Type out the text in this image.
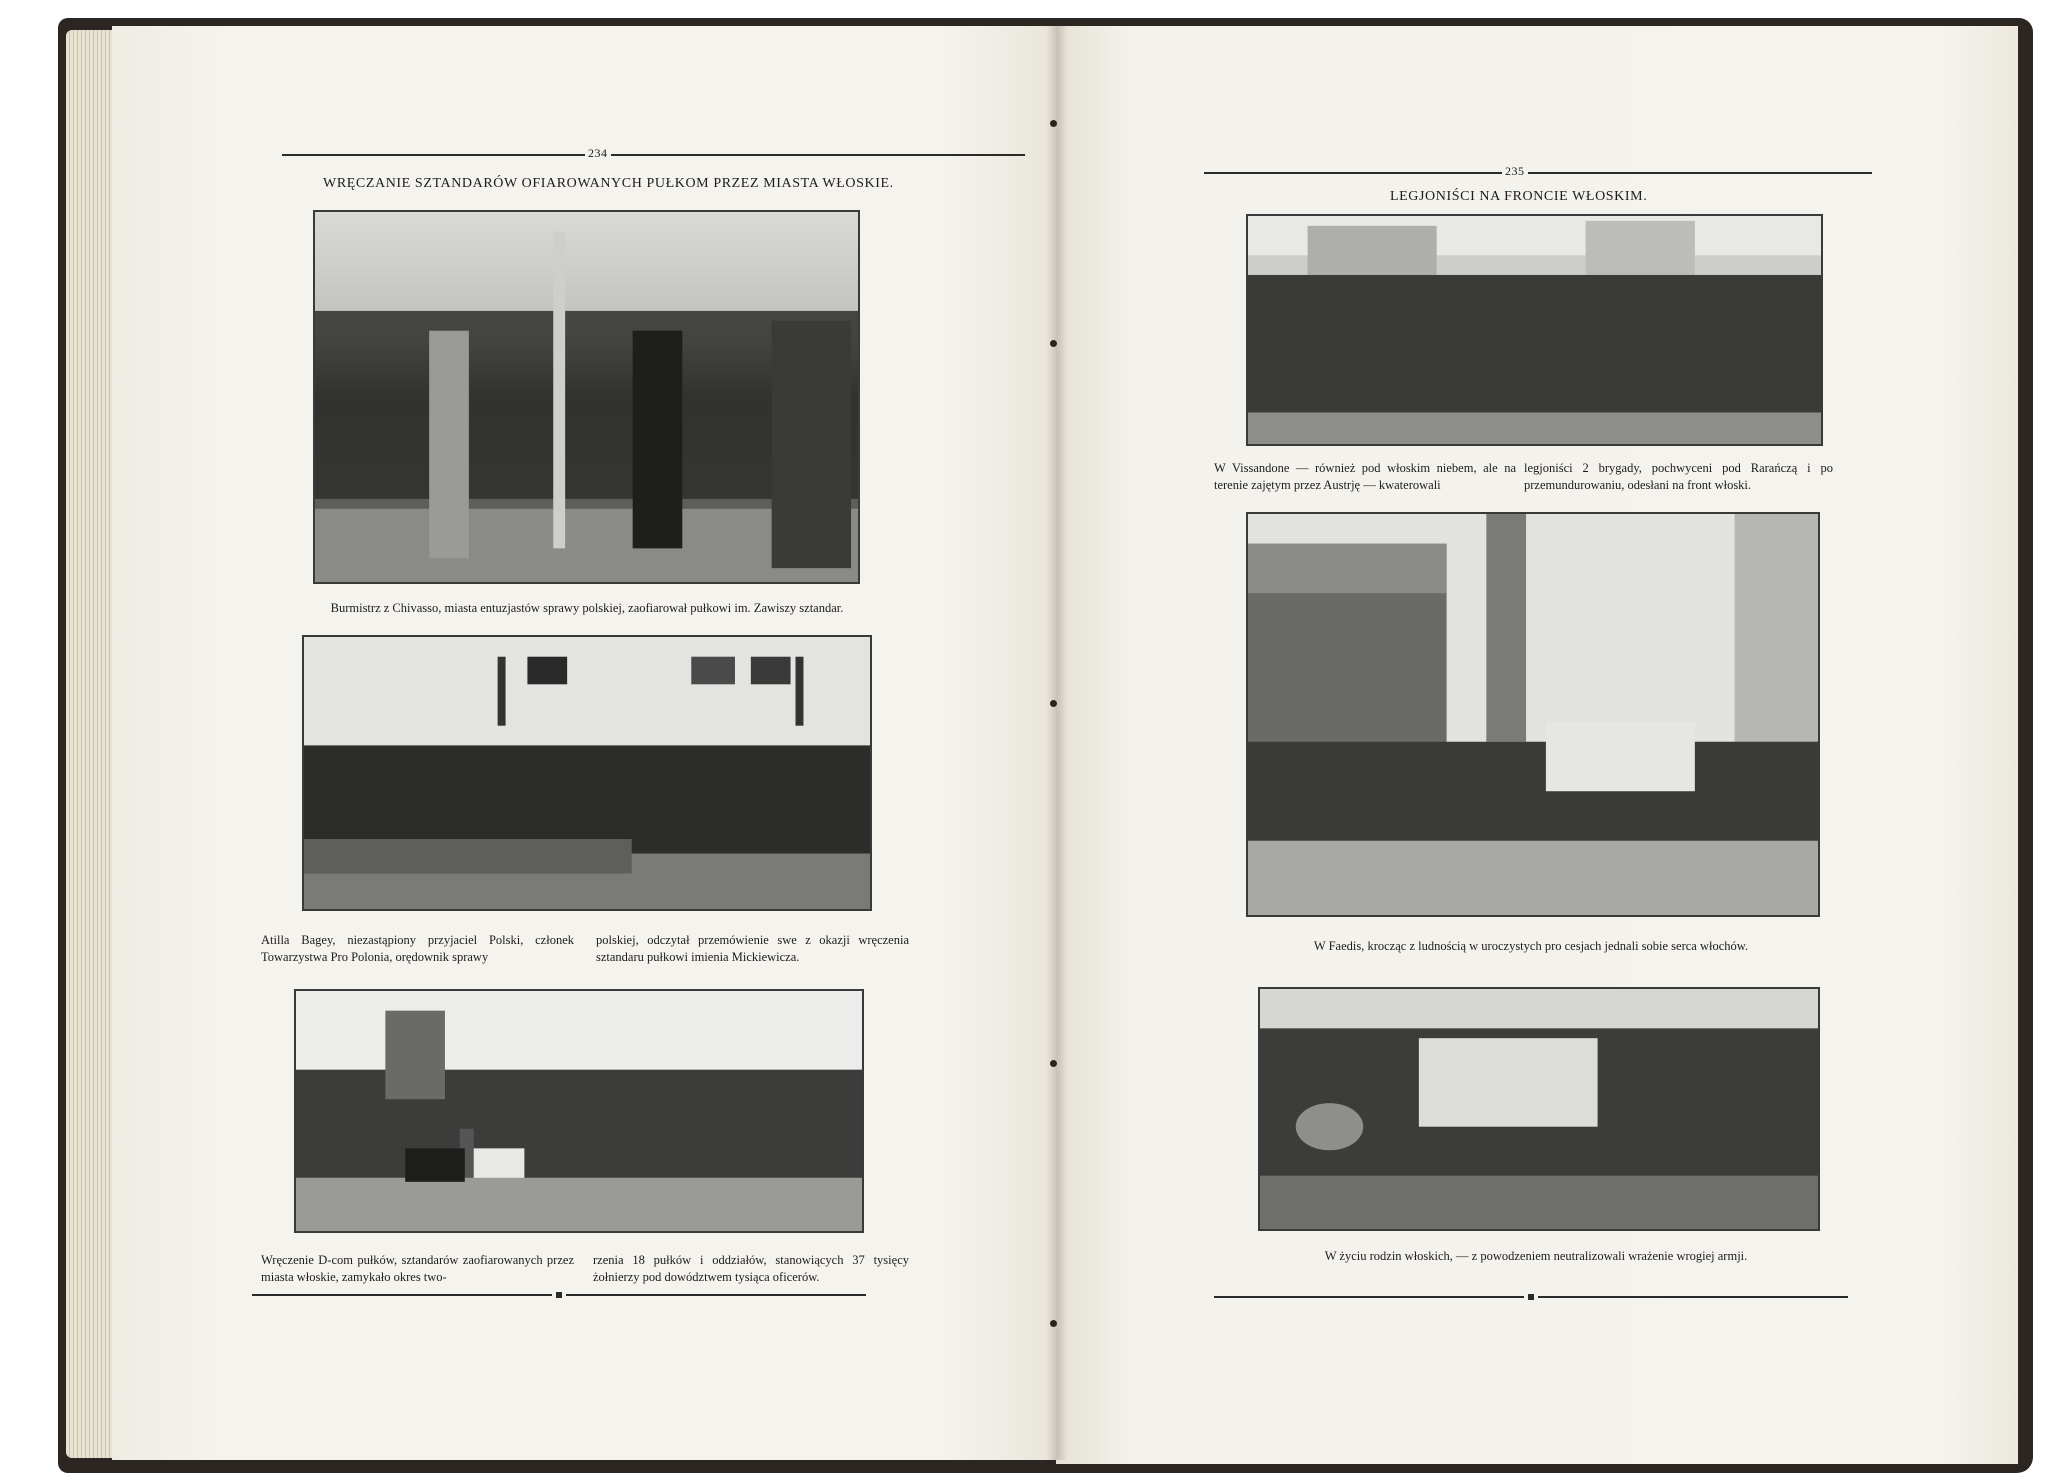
234
WRĘCZANIE SZTANDARÓW OFIAROWANYCH PUŁKOM PRZEZ MIASTA WŁOSKIE.
Burmistrz z Chivasso, miasta entuzjastów sprawy polskiej, zaofiarował pułkowi im. Zawiszy sztandar.
Atilla Bagey, niezastąpiony przyjaciel Polski, członek Towarzystwa Pro Polonia, orędownik sprawy
polskiej, odczytał przemówienie swe z okazji wręczenia sztandaru pułkowi imienia Mickiewicza.
Wręczenie D-com pułków, sztandarów zaofiarowanych przez miasta włoskie, zamykało okres two-
rzenia 18 pułków i oddziałów, stanowiących 37 tysięcy żołnierzy pod dowództwem tysiąca oficerów.
235
LEGJONIŚCI NA FRONCIE WŁOSKIM.
W Vissandone — również pod włoskim niebem, ale na terenie zajętym przez Austrję — kwaterowali
legjoniści 2 brygady, pochwyceni pod Rarańczą i po przemundurowaniu, odesłani na front włoski.
W Faedis, krocząc z ludnością w uroczystych pro cesjach jednali sobie serca włochów.
W życiu rodzin włoskich, — z powodzeniem neutralizowali wrażenie wrogiej armji.
